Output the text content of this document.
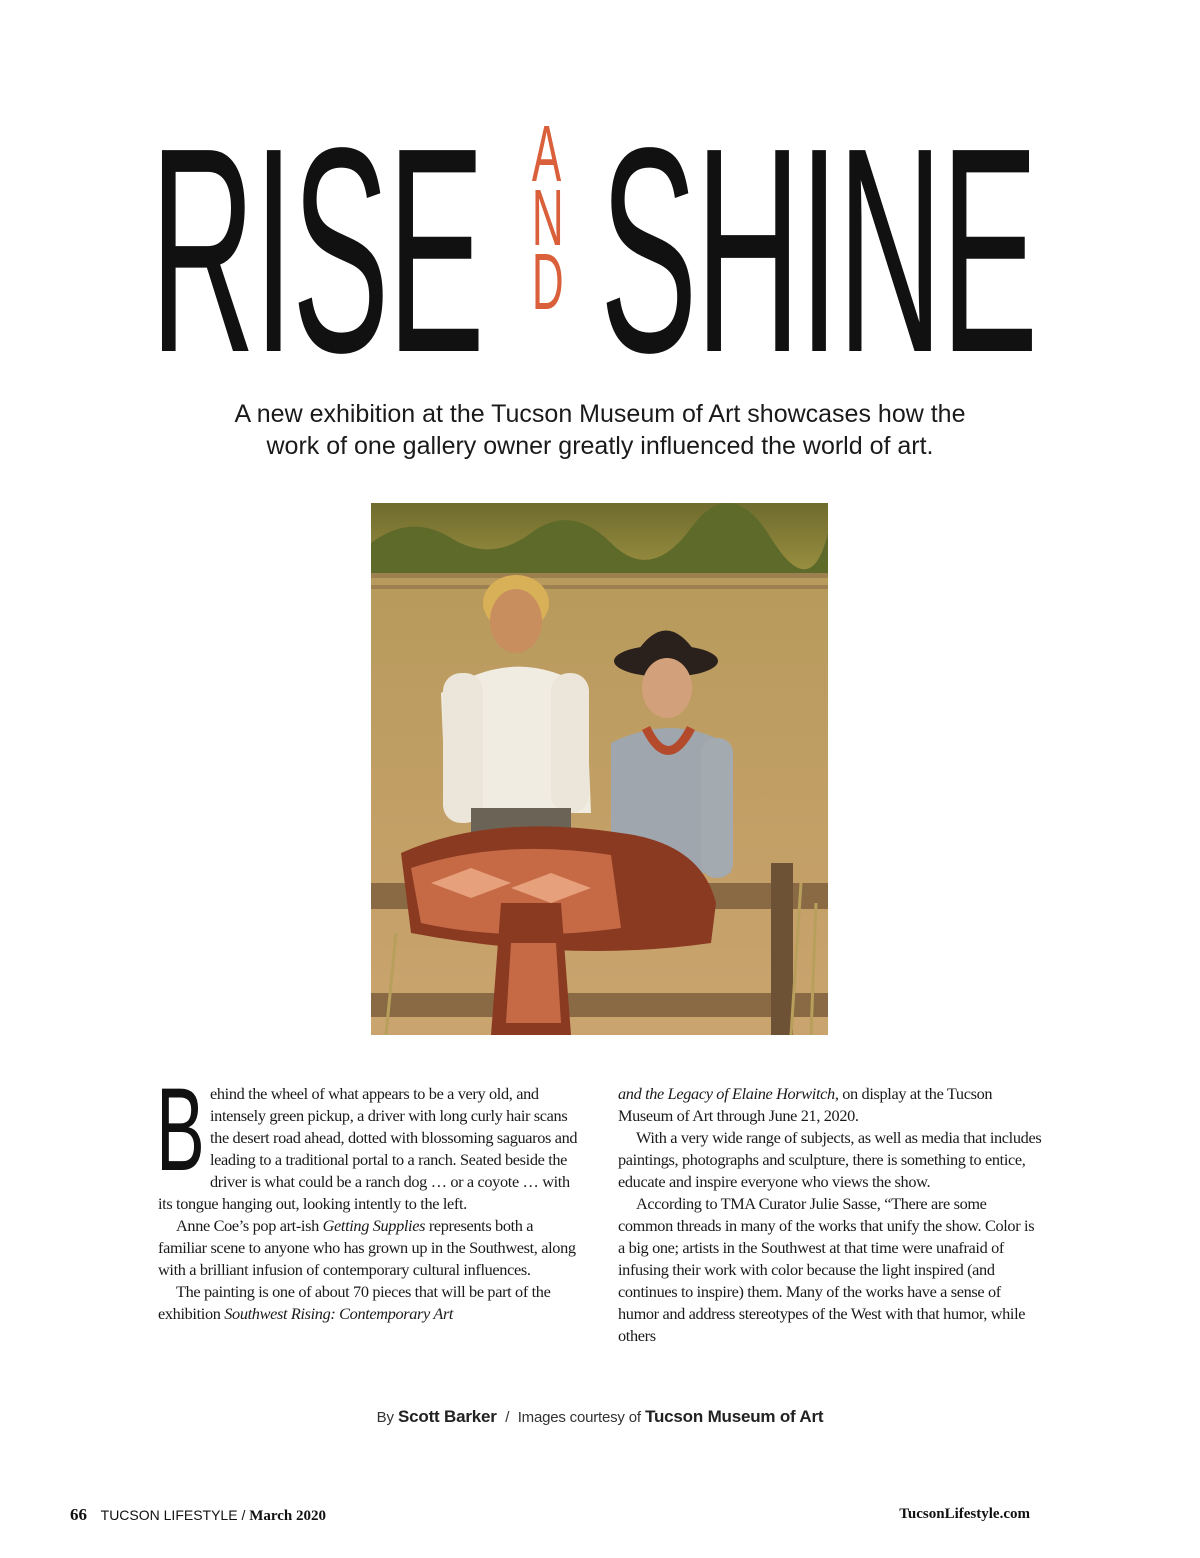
RISE A
N
D SHINE
A new exhibition at the Tucson Museum of Art showcases how the
work of one gallery owner greatly influenced the world of art.
B ehind the wheel of what appears to be a very old, and intensely green pickup, a driver with long curly hair scans the desert road ahead, dotted with blossoming saguaros and leading to a traditional portal to a ranch. Seated beside the driver is what could be a ranch dog … or a coyote … with its tongue hanging out, looking intently to the left.

Anne Coe’s pop art-ish Getting Supplies represents both a familiar scene to anyone who has grown up in the Southwest, along with a brilliant infusion of contemporary cultural influences.

The painting is one of about 70 pieces that will be part of the exhibition Southwest Rising: Contemporary Art

and the Legacy of Elaine Horwitch, on display at the Tucson Museum of Art through June 21, 2020.

With a very wide range of subjects, as well as media that includes paintings, photographs and sculpture, there is something to entice, educate and inspire everyone who views the show.

According to TMA Curator Julie Sasse, “There are some common threads in many of the works that unify the show. Color is a big one; artists in the Southwest at that time were unafraid of infusing their work with color because the light inspired (and continues to inspire) them. Many of the works have a sense of humor and address stereotypes of the West with that humor, while others

By Scott Barker / Images courtesy of Tucson Museum of Art
66 TUCSON LIFESTYLE / March 2020	TucsonLifestyle.com
